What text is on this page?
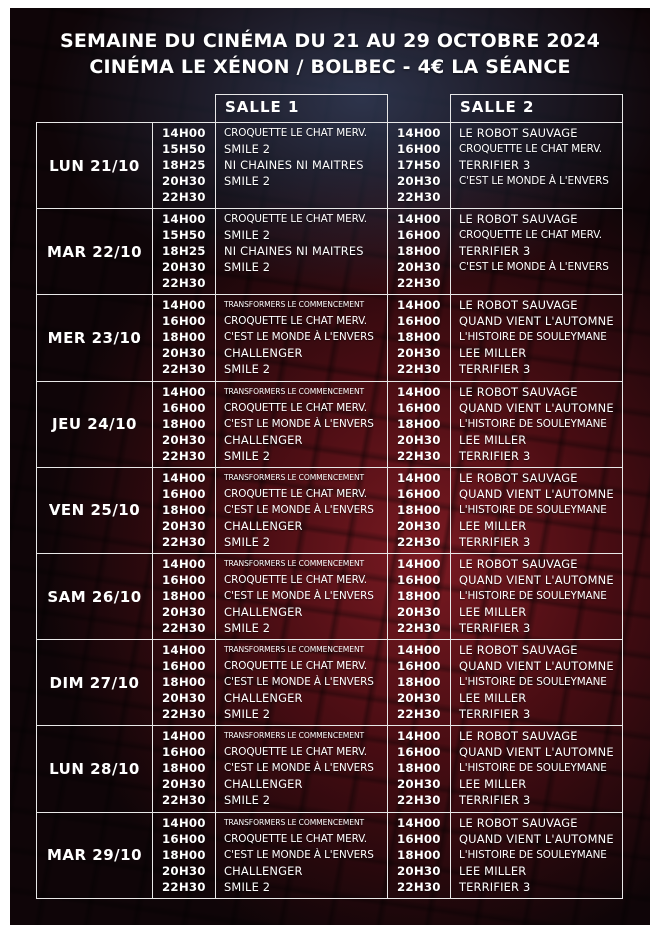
SEMAINE DU CINÉMA DU 21 AU 29 OCTOBRE 2024
CINÉMA LE XÉNON / BOLBEC - 4€ LA SÉANCE
SALLE 1	SALLE 2
LUN 21/10
14H00
15H50
18H25
20H30
22H30
CROQUETTE LE CHAT MERV.
SMILE 2
NI CHAINES NI MAITRES
SMILE 2
14H00
16H00
17H50
20H30
22H30
LE ROBOT SAUVAGE
CROQUETTE LE CHAT MERV.
TERRIFIER 3
C'EST LE MONDE À L'ENVERS
MAR 22/10
14H00
15H50
18H25
20H30
22H30
CROQUETTE LE CHAT MERV.
SMILE 2
NI CHAINES NI MAITRES
SMILE 2
14H00
16H00
18H00
20H30
22H30
LE ROBOT SAUVAGE
CROQUETTE LE CHAT MERV.
TERRIFIER 3
C'EST LE MONDE À L'ENVERS
MER 23/10
14H00
16H00
18H00
20H30
22H30
TRANSFORMERS LE COMMENCEMENT
CROQUETTE LE CHAT MERV.
C'EST LE MONDE À L'ENVERS
CHALLENGER
SMILE 2
14H00
16H00
18H00
20H30
22H30
LE ROBOT SAUVAGE
QUAND VIENT L'AUTOMNE
L'HISTOIRE DE SOULEYMANE
LEE MILLER
TERRIFIER 3
JEU 24/10
14H00
16H00
18H00
20H30
22H30
TRANSFORMERS LE COMMENCEMENT
CROQUETTE LE CHAT MERV.
C'EST LE MONDE À L'ENVERS
CHALLENGER
SMILE 2
14H00
16H00
18H00
20H30
22H30
LE ROBOT SAUVAGE
QUAND VIENT L'AUTOMNE
L'HISTOIRE DE SOULEYMANE
LEE MILLER
TERRIFIER 3
VEN 25/10
14H00
16H00
18H00
20H30
22H30
TRANSFORMERS LE COMMENCEMENT
CROQUETTE LE CHAT MERV.
C'EST LE MONDE À L'ENVERS
CHALLENGER
SMILE 2
14H00
16H00
18H00
20H30
22H30
LE ROBOT SAUVAGE
QUAND VIENT L'AUTOMNE
L'HISTOIRE DE SOULEYMANE
LEE MILLER
TERRIFIER 3
SAM 26/10
14H00
16H00
18H00
20H30
22H30
TRANSFORMERS LE COMMENCEMENT
CROQUETTE LE CHAT MERV.
C'EST LE MONDE À L'ENVERS
CHALLENGER
SMILE 2
14H00
16H00
18H00
20H30
22H30
LE ROBOT SAUVAGE
QUAND VIENT L'AUTOMNE
L'HISTOIRE DE SOULEYMANE
LEE MILLER
TERRIFIER 3
DIM 27/10
14H00
16H00
18H00
20H30
22H30
TRANSFORMERS LE COMMENCEMENT
CROQUETTE LE CHAT MERV.
C'EST LE MONDE À L'ENVERS
CHALLENGER
SMILE 2
14H00
16H00
18H00
20H30
22H30
LE ROBOT SAUVAGE
QUAND VIENT L'AUTOMNE
L'HISTOIRE DE SOULEYMANE
LEE MILLER
TERRIFIER 3
LUN 28/10
14H00
16H00
18H00
20H30
22H30
TRANSFORMERS LE COMMENCEMENT
CROQUETTE LE CHAT MERV.
C'EST LE MONDE À L'ENVERS
CHALLENGER
SMILE 2
14H00
16H00
18H00
20H30
22H30
LE ROBOT SAUVAGE
QUAND VIENT L'AUTOMNE
L'HISTOIRE DE SOULEYMANE
LEE MILLER
TERRIFIER 3
MAR 29/10
14H00
16H00
18H00
20H30
22H30
TRANSFORMERS LE COMMENCEMENT
CROQUETTE LE CHAT MERV.
C'EST LE MONDE À L'ENVERS
CHALLENGER
SMILE 2
14H00
16H00
18H00
20H30
22H30
LE ROBOT SAUVAGE
QUAND VIENT L'AUTOMNE
L'HISTOIRE DE SOULEYMANE
LEE MILLER
TERRIFIER 3
